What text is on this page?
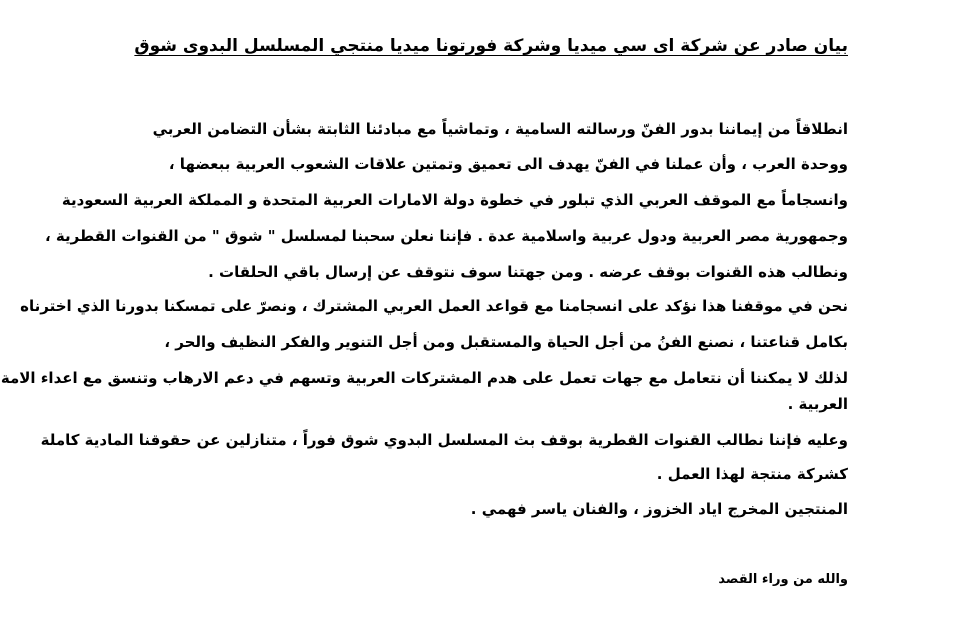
بيان صادر عن شركة اى سي ميديا وشركة فورتونا ميديا منتجي المسلسل البدوى شوق
انطلاقاً من إيماننا بدور الفنّ ورسالته السامية ، وتماشياً مع مبادئنا الثابتة بشأن التضامن العربي
ووحدة العرب ، وأن عملنا في الفنّ يهدف الى تعميق وتمتين علاقات الشعوب العربية ببعضها ،
وانسجاماً مع الموقف العربي الذي تبلور في خطوة دولة الامارات العربية المتحدة و المملكة العربية السعودية
وجمهورية مصر العربية ودول عربية واسلامية عدة . فإننا نعلن سحبنا لمسلسل " شوق " من القنوات القطرية ،
ونطالب هذه القنوات بوقف عرضه . ومن جهتنا سوف نتوقف عن إرسال باقي الحلقات .
نحن في موقفنا هذا نؤكد على انسجامنا مع قواعد العمل العربي المشترك ، ونصرّ على تمسكنا بدورنا الذي اخترناه
بكامل قناعتنا ، نصنع الفنُ من أجل الحياة والمستقبل ومن أجل التنوير والفكر النظيف والحر ،
لذلك لا يمكننا أن نتعامل مع جهات تعمل على هدم المشتركات العربية وتسهم في دعم الارهاب وتنسق مع اعداء الامة
العربية .
وعليه فإننا نطالب القنوات القطرية بوقف بث المسلسل البدوي شوق فوراً ، متنازلين عن حقوقنا المادية كاملة
كشركة منتجة لهذا العمل .
المنتجين المخرج اياد الخزوز ، والفنان ياسر فهمي .
والله من وراء القصد
